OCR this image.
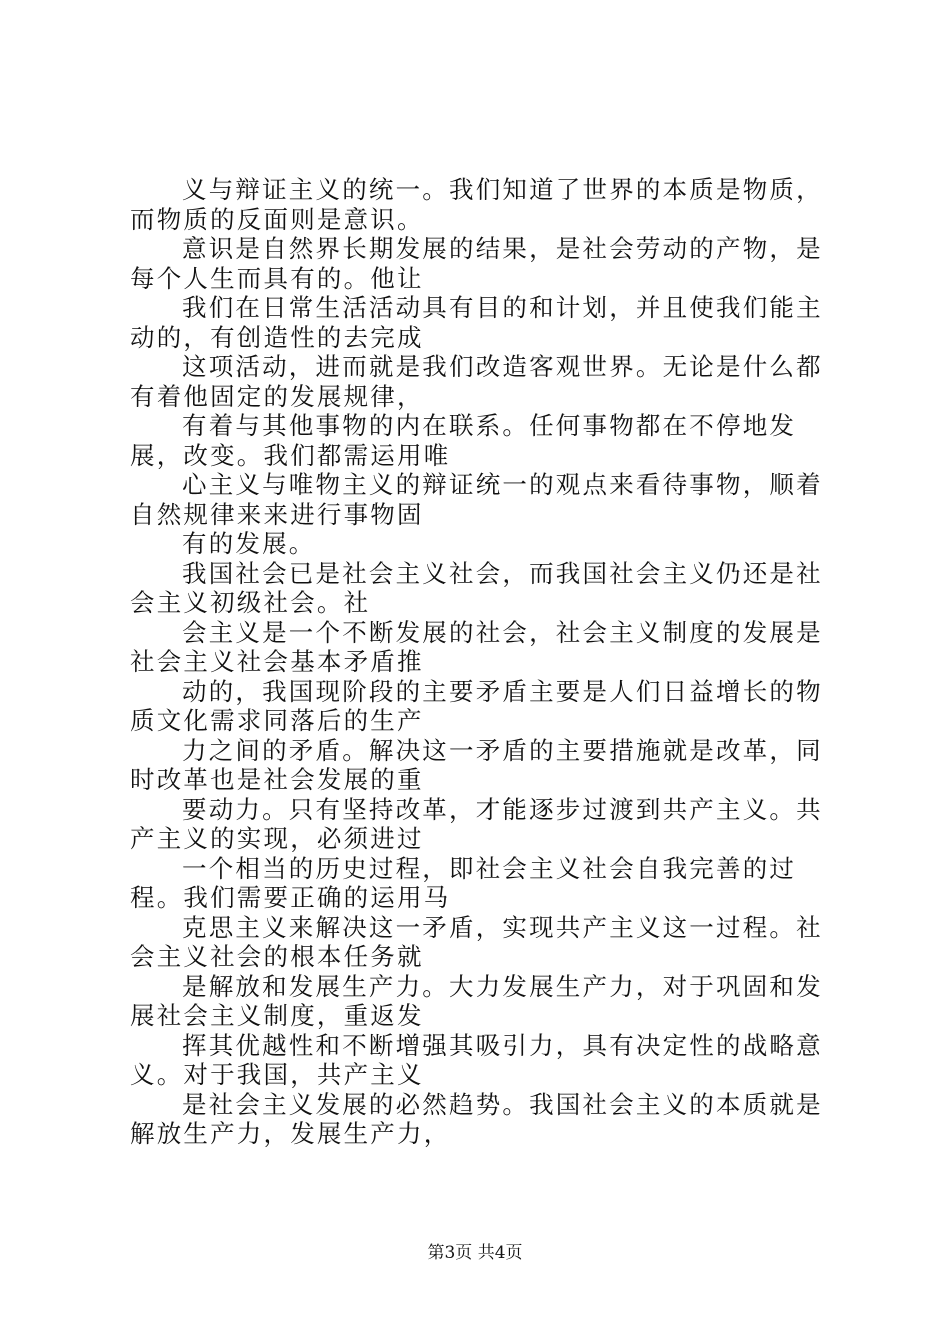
义与辩证主义的统一。我们知道了世界的本质是物质，而物质的反面则是意识。

意识是自然界长期发展的结果，是社会劳动的产物，是每个人生而具有的。他让

我们在日常生活活动具有目的和计划，并且使我们能主动的，有创造性的去完成

这项活动，进而就是我们改造客观世界。无论是什么都有着他固定的发展规律，

有着与其他事物的内在联系。任何事物都在不停地发展，改变。我们都需运用唯

心主义与唯物主义的辩证统一的观点来看待事物，顺着自然规律来来进行事物固

有的发展。

我国社会已是社会主义社会，而我国社会主义仍还是社会主义初级社会。社

会主义是一个不断发展的社会，社会主义制度的发展是社会主义社会基本矛盾推

动的，我国现阶段的主要矛盾主要是人们日益增长的物质文化需求同落后的生产

力之间的矛盾。解决这一矛盾的主要措施就是改革，同时改革也是社会发展的重

要动力。只有坚持改革，才能逐步过渡到共产主义。共产主义的实现，必须进过

一个相当的历史过程，即社会主义社会自我完善的过程。我们需要正确的运用马

克思主义来解决这一矛盾，实现共产主义这一过程。社会主义社会的根本任务就

是解放和发展生产力。大力发展生产力，对于巩固和发展社会主义制度，重返发

挥其优越性和不断增强其吸引力，具有决定性的战略意义。对于我国，共产主义

是社会主义发展的必然趋势。我国社会主义的本质就是解放生产力，发展生产力，

第3页 共4页
